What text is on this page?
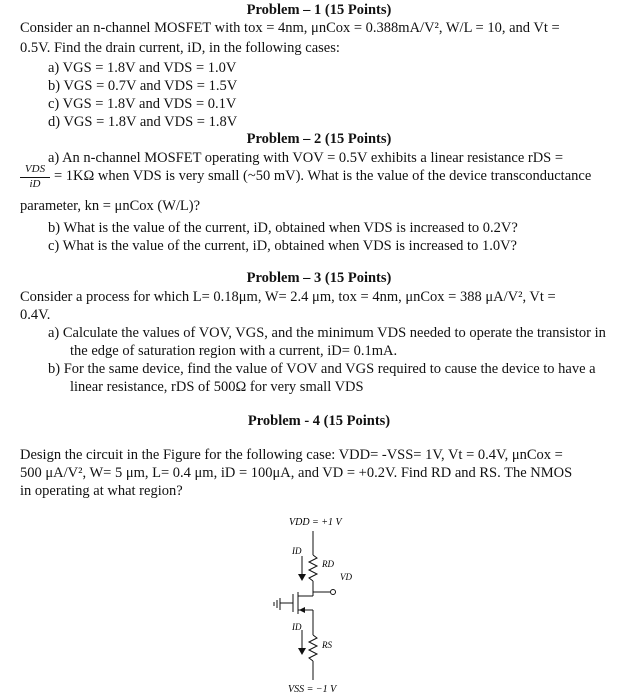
Problem – 1 (15 Points)
Consider an n-channel MOSFET with tox = 4nm, μnCox = 0.388mA/V², W/L = 10, and Vt =
0.5V. Find the drain current, iD, in the following cases:
a) VGS = 1.8V and VDS = 1.0V
b) VGS = 0.7V and VDS = 1.5V
c) VGS = 1.8V and VDS = 0.1V
d) VGS = 1.8V and VDS = 1.8V
Problem – 2 (15 Points)
a) An n-channel MOSFET operating with VOV = 0.5V exhibits a linear resistance rDS =
VDS
iD = 1KΩ when VDS is very small (~50 mV). What is the value of the device transconductance
parameter, kn = μnCox (W/L)?
b) What is the value of the current, iD, obtained when VDS is increased to 0.2V?
c) What is the value of the current, iD, obtained when VDS is increased to 1.0V?
Problem – 3 (15 Points)
Consider a process for which L= 0.18μm, W= 2.4 μm, tox = 4nm, μnCox = 388 μA/V², Vt =
0.4V.
a) Calculate the values of VOV, VGS, and the minimum VDS needed to operate the transistor in
the edge of saturation region with a current, iD= 0.1mA.
b) For the same device, find the value of VOV and VGS required to cause the device to have a
linear resistance, rDS of 500Ω for very small VDS
Problem - 4 (15 Points)
Design the circuit in the Figure for the following case: VDD= -VSS= 1V, Vt = 0.4V, μnCox =
500 μA/V², W= 5 μm, L= 0.4 μm, iD = 100μA, and VD = +0.2V. Find RD and RS. The NMOS
in operating at what region?
VDD = +1 V
ID
RD
VD
ID
RS
VSS = −1 V
